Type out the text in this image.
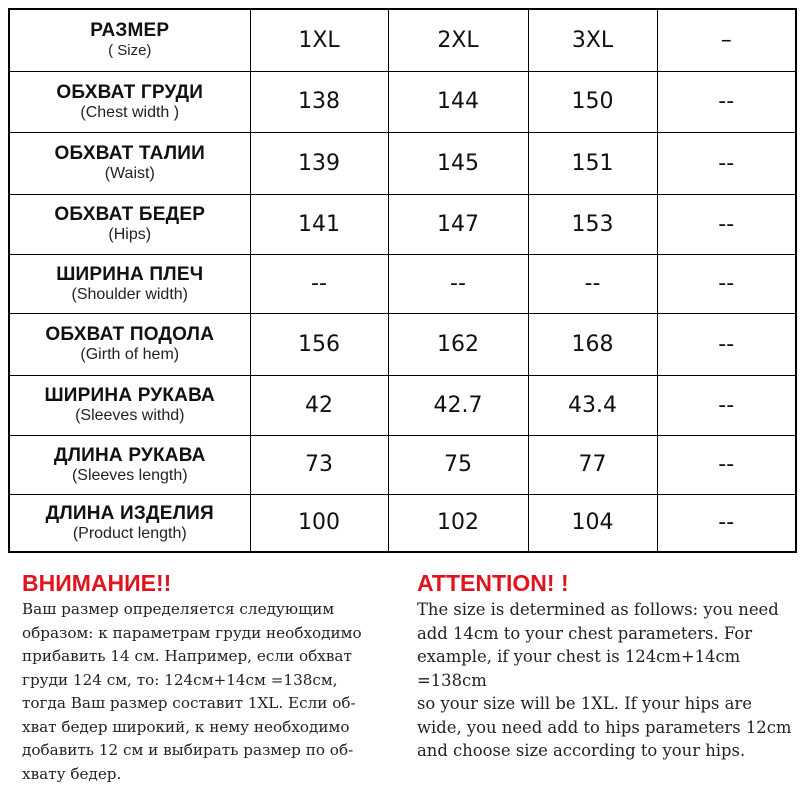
РАЗМЕР
( Size)	1XL	2XL	3XL	–

ОБХВАТ ГРУДИ
(Chest width )	138	144	150	--

ОБХВАТ ТАЛИИ
(Waist)	139	145	151	--

ОБХВАТ БЕДЕР
(Hips)	141	147	153	--

ШИРИНА ПЛЕЧ
(Shoulder width)	--	--	--	--

ОБХВАТ ПОДОЛА
(Girth of hem)	156	162	168	--

ШИРИНА РУКАВА
(Sleeves withd)	42	42.7	43.4	--

ДЛИНА РУКАВА
(Sleeves length)	73	75	77	--

ДЛИНА ИЗДЕЛИЯ
(Product length)	100	102	104	--
ВНИМАНИЕ!!
Ваш размер определяется следующим
образом: к параметрам груди необходимо
прибавить 14 см. Например, если обхват
груди 124 см, то: 124см+14см =138см,
тогда Ваш размер составит 1XL. Если об-
хват бедер широкий, к нему необходимо
добавить 12 см и выбирать размер по об-
хвату бедер.
ATTENTION! !
The size is determined as follows: you need
add 14cm to your chest parameters. For
example, if your chest is 124cm+14cm =138cm
so your size will be 1XL. If your hips are
wide, you need add to hips parameters 12cm
and choose size according to your hips.
